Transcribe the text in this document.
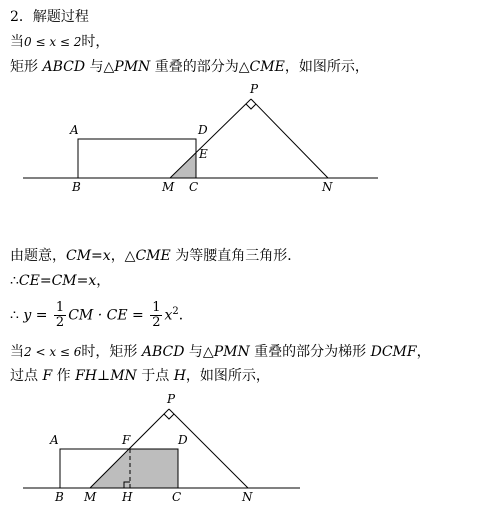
2．解题过程
当0 ≤ x ≤ 2时，
矩形 ABCD 与△PMN 重叠的部分为△CME，如图所示，
P
A	D
E
B	M C	N
由题意，CM=x，△CME 为等腰直角三角形．
∴CE=CM=x，
∴ $y = \frac{1}{2}$ CM · CE = $\frac{1}{2} x^2$．
当2 < x ≤ 6时，矩形 ABCD 与△PMN 重叠的部分为梯形 DCMF，
过点 F 作 FH⊥MN 于点 H，如图所示，
P
A	F	D
B M H	C	N
